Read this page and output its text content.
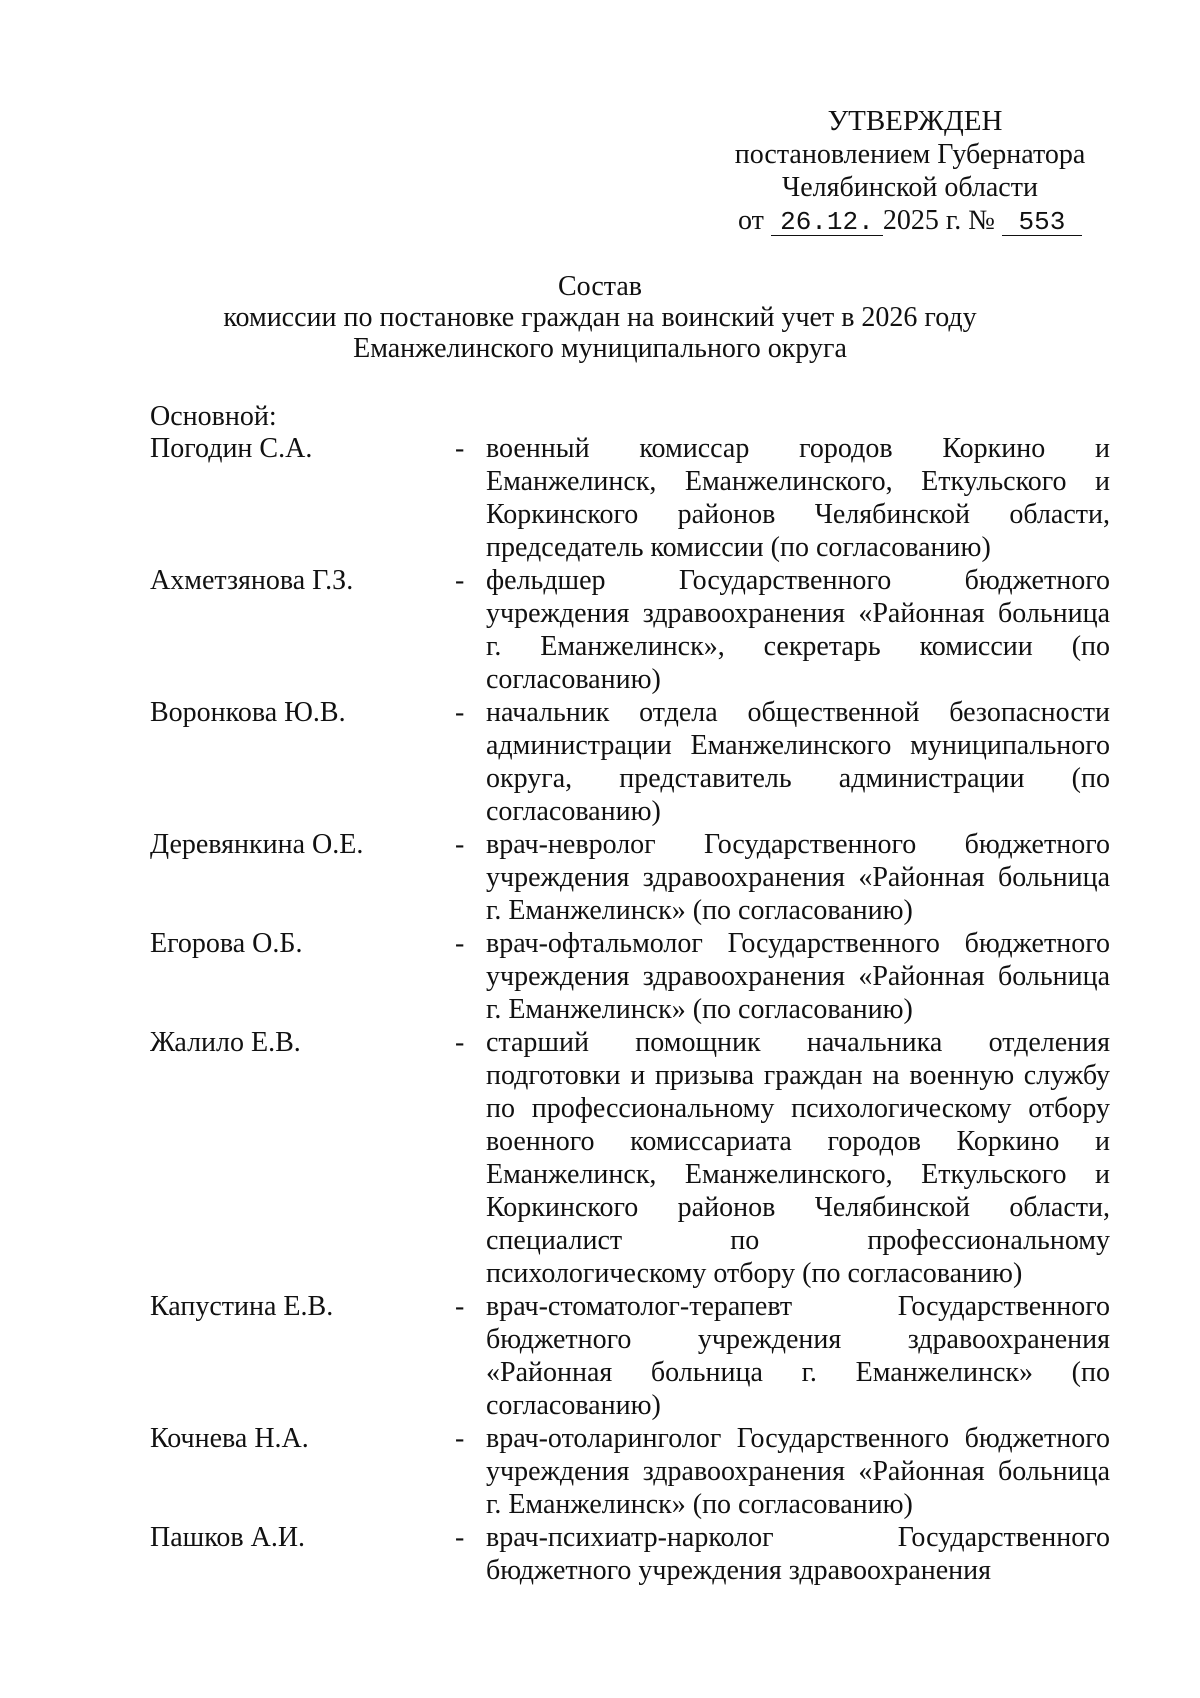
УТВЕРЖДЕН
постановлением Губернатора
Челябинской области
от 26.12. 2025 г. № 553
Состав
комиссии по постановке граждан на воинский учет в 2026 году
Еманжелинского муниципального округа
Основной:
Погодин С.А.	- военный комиссар городов Коркино и Еманжелинск, Еманжелинского, Еткульского и Коркинского районов Челябинской области, председатель комиссии (по согласованию)
Ахметзянова Г.З.	- фельдшер Государственного бюджетного учреждения здравоохранения «Районная больница г. Еманжелинск», секретарь комиссии (по согласованию)
Воронкова Ю.В.	- начальник отдела общественной безопасности администрации Еманжелинского муниципального округа, представитель администрации (по согласованию)
Деревянкина О.Е.	- врач-невролог Государственного бюджетного учреждения здравоохранения «Районная больница г. Еманжелинск» (по согласованию)
Егорова О.Б.	- врач-офтальмолог Государственного бюджетного учреждения здравоохранения «Районная больница г. Еманжелинск» (по согласованию)
Жалило Е.В.	- старший помощник начальника отделения подготовки и призыва граждан на военную службу по профессиональному психологическому отбору военного комиссариата городов Коркино и Еманжелинск, Еманжелинского, Еткульского и Коркинского районов Челябинской области, специалист по профессиональному психологическому отбору (по согласованию)
Капустина Е.В.	- врач-стоматолог-терапевт Государственного бюджетного учреждения здравоохранения «Районная больница г. Еманжелинск» (по согласованию)
Кочнева Н.А.	- врач-отоларинголог Государственного бюджетного учреждения здравоохранения «Районная больница г. Еманжелинск» (по согласованию)
Пашков А.И.	- врач-психиатр-нарколог Государственного бюджетного учреждения здравоохранения
